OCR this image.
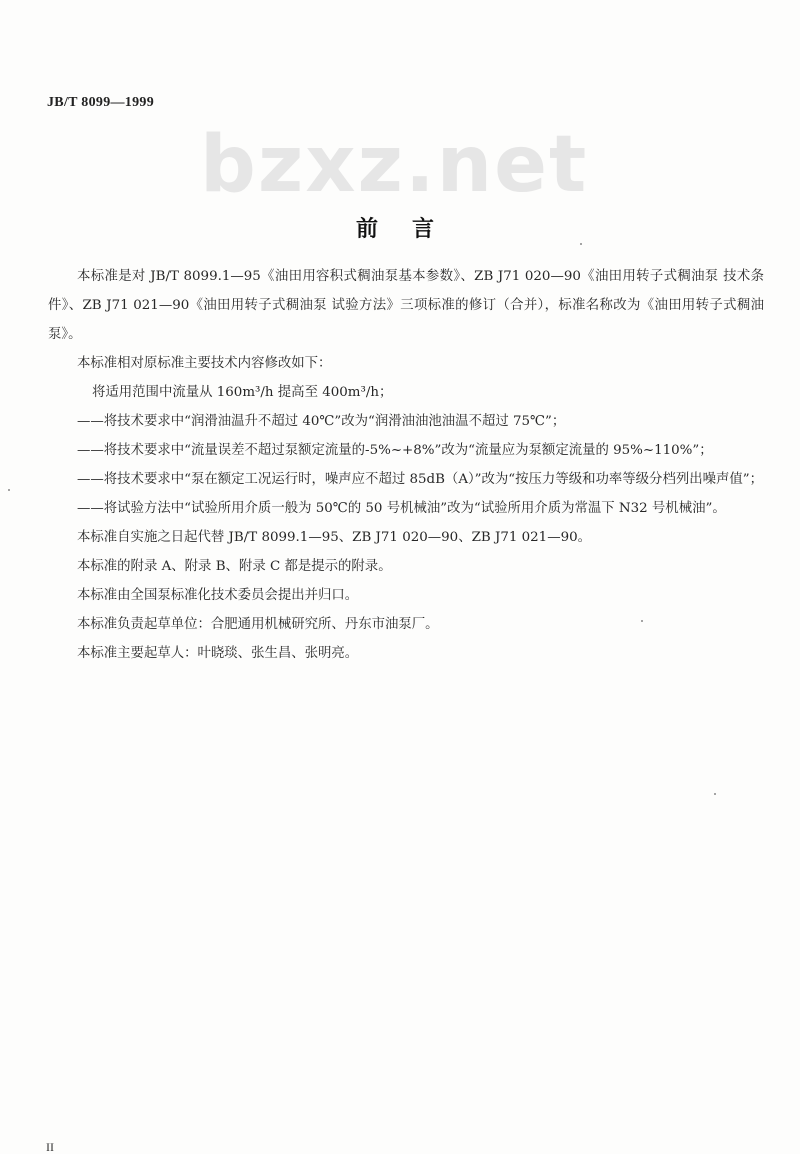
JB/T 8099—1999
bzxz.net
前言

本标准是对 JB/T 8099.1—95《油田用容积式稠油泵基本参数》、ZB J71 020—90《油田用转子式稠油泵 技术条件》、ZB J71 021—90《油田用转子式稠油泵 试验方法》三项标准的修订（合并），标准名称改为《油田用转子式稠油泵》。

本标准相对原标准主要技术内容修改如下：

将适用范围中流量从 160m³/h 提高至 400m³/h；

——将技术要求中“润滑油温升不超过 40℃”改为“润滑油油池油温不超过 75℃”；

——将技术要求中“流量误差不超过泵额定流量的-5%~+8%”改为“流量应为泵额定流量的 95%~110%”；

——将技术要求中“泵在额定工况运行时，噪声应不超过 85dB（A）”改为“按压力等级和功率等级分档列出噪声值”；

——将试验方法中“试验所用介质一般为 50℃的 50 号机械油”改为“试验所用介质为常温下 N32 号机械油”。

本标准自实施之日起代替 JB/T 8099.1—95、ZB J71 020—90、ZB J71 021—90。

本标准的附录 A、附录 B、附录 C 都是提示的附录。

本标准由全国泵标准化技术委员会提出并归口。

本标准负责起草单位：合肥通用机械研究所、丹东市油泵厂。

本标准主要起草人：叶晓琰、张生昌、张明亮。

II
